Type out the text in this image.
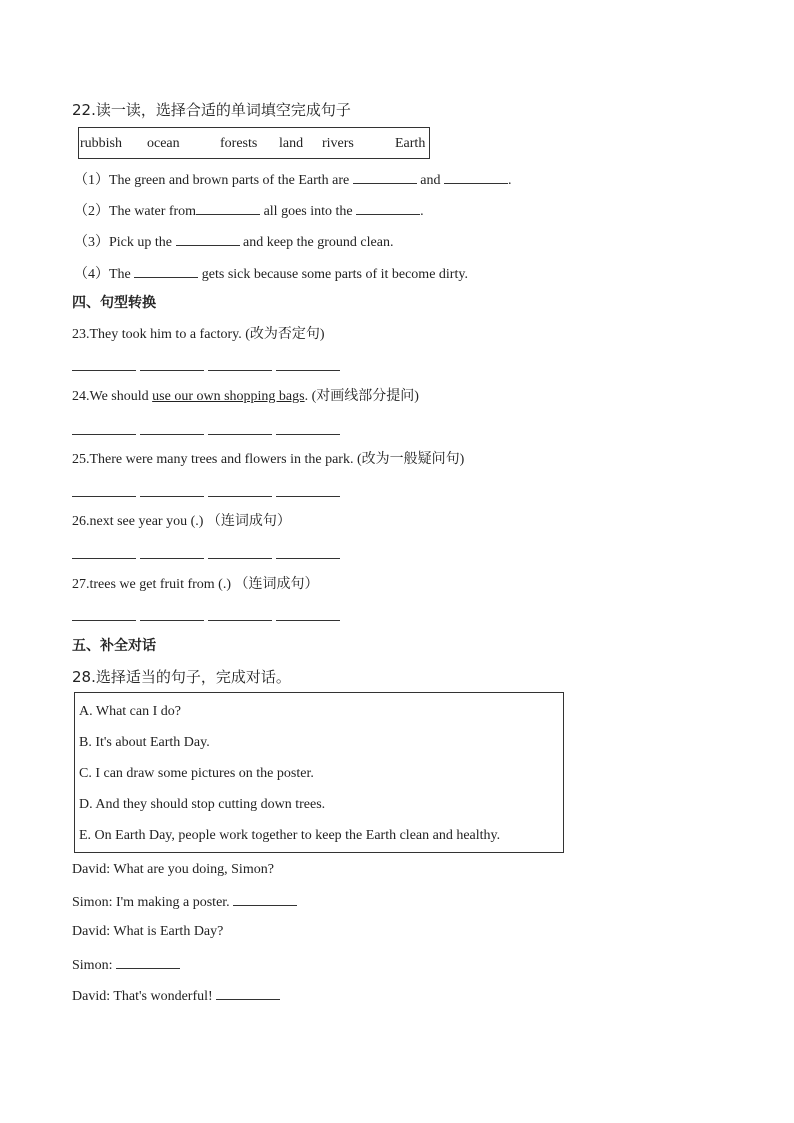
22.读一读，选择合适的单词填空完成句子
rubbish ocean	forests land rivers	Earth
（1）The green and brown parts of the Earth are	and	.
（2）The water from	all goes into the	.
（3）Pick up the	and keep the ground clean.
（4）The	gets sick because some parts of it become dirty.
四、句型转换
23.They took him to a factory. (改为否定句)
24.We should use our own shopping bags. (对画线部分提问)
25.There were many trees and flowers in the park. (改为一般疑问句)
26.next see year you (.) （连词成句）
27.trees we get fruit from (.) （连词成句）
五、补全对话
28.选择适当的句子，完成对话。
A. What can I do?
B. It's about Earth Day.
C. I can draw some pictures on the poster.
D. And they should stop cutting down trees.
E. On Earth Day, people work together to keep the Earth clean and healthy.
David: What are you doing, Simon?
Simon: I'm making a poster.
David: What is Earth Day?
Simon:
David: That's wonderful!
